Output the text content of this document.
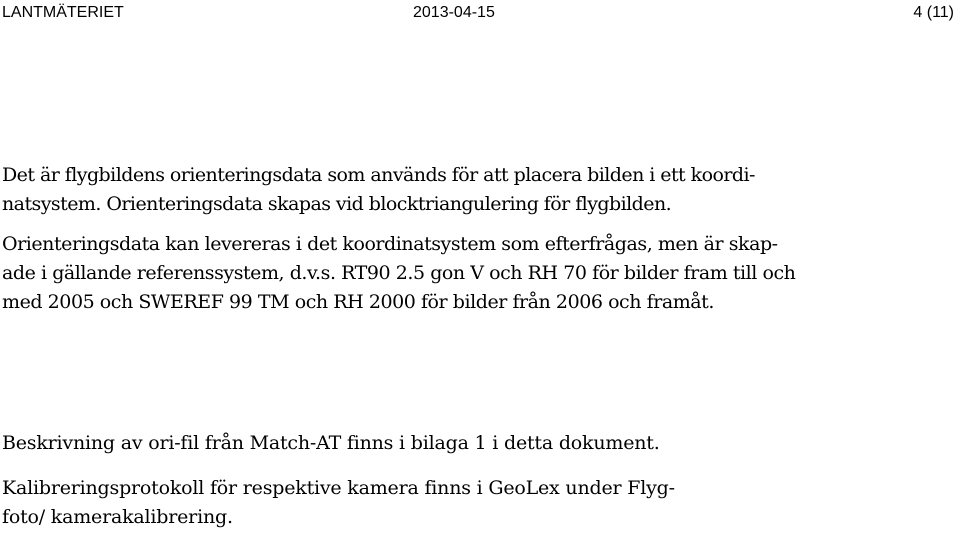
LANTMÄTERIET	2013-04-15	4 (11)
Det är flygbildens orienteringsdata som används för att placera bilden i ett koordi-
natsystem. Orienteringsdata skapas vid blocktriangulering för flygbilden.
Orienteringsdata kan levereras i det koordinatsystem som efterfrågas, men är skap-
ade i gällande referenssystem, d.v.s. RT90 2.5 gon V och RH 70 för bilder fram till och
med 2005 och SWEREF 99 TM och RH 2000 för bilder från 2006 och framåt.
Beskrivning av ori-fil från Match-AT finns i bilaga 1 i detta dokument.
Kalibreringsprotokoll för respektive kamera finns i GeoLex under Flyg-
foto/ kamerakalibrering.
